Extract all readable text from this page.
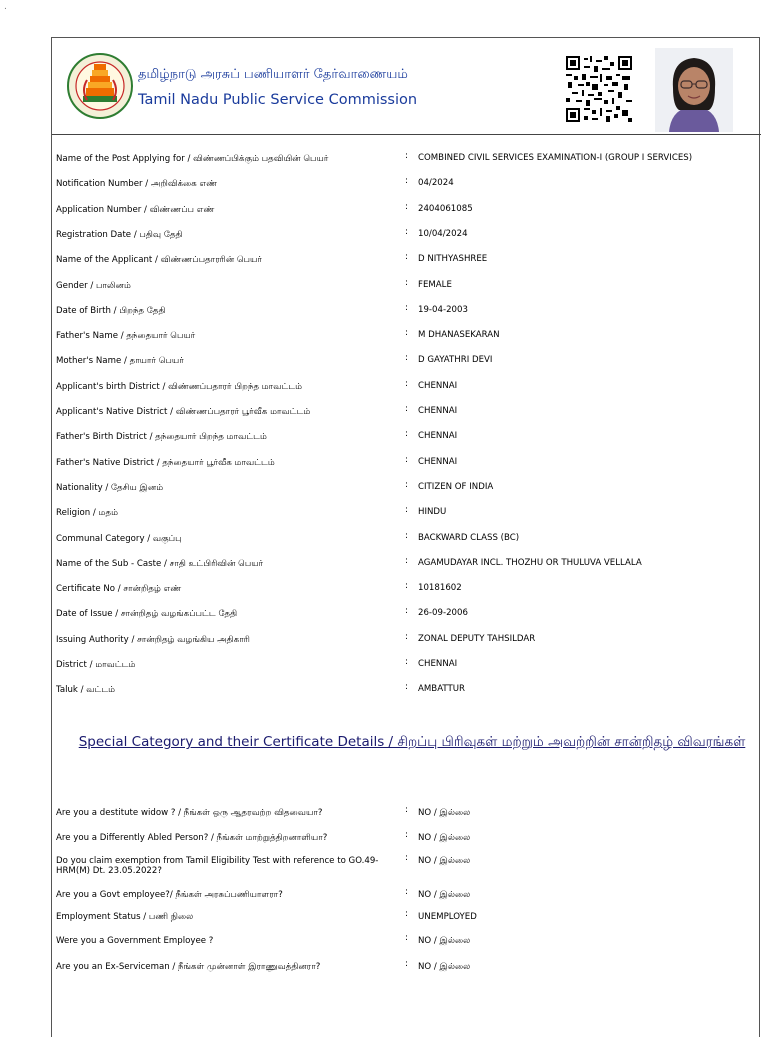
.
தமிழ்நாடு அரசுப் பணியாளர் தேர்வாணையம்
Tamil Nadu Public Service Commission
Name of the Post Applying for / விண்ணப்பிக்கும் பதவியின் பெயர்	: COMBINED CIVIL SERVICES EXAMINATION-I (GROUP I SERVICES)
Notification Number / அறிவிக்கை எண்	: 04/2024
Application Number / விண்ணப்ப எண்	: 2404061085
Registration Date / பதிவு தேதி	: 10/04/2024
Name of the Applicant / விண்ணப்பதாரரின் பெயர்	: D NITHYASHREE
Gender / பாலினம்	: FEMALE
Date of Birth / பிறந்த தேதி	: 19-04-2003
Father's Name / தந்தையார் பெயர்	: M DHANASEKARAN
Mother's Name / தாயார் பெயர்	: D GAYATHRI DEVI
Applicant's birth District / விண்ணப்பதாரர் பிறந்த மாவட்டம்	: CHENNAI
Applicant's Native District / விண்ணப்பதாரர் பூர்வீக மாவட்டம்	: CHENNAI
Father's Birth District / தந்தையார் பிறந்த மாவட்டம்	: CHENNAI
Father's Native District / தந்தையார் பூர்வீக மாவட்டம்	: CHENNAI
Nationality / தேசிய இனம்	: CITIZEN OF INDIA
Religion / மதம்	: HINDU
Communal Category / வகுப்பு	: BACKWARD CLASS (BC)
Name of the Sub - Caste / சாதி உட்பிரிவின் பெயர்	: AGAMUDAYAR INCL. THOZHU OR THULUVA VELLALA
Certificate No / சான்றிதழ் எண்	: 10181602
Date of Issue / சான்றிதழ் வழங்கப்பட்ட தேதி	: 26-09-2006
Issuing Authority / சான்றிதழ் வழங்கிய அதிகாரி	: ZONAL DEPUTY TAHSILDAR
District / மாவட்டம்	: CHENNAI
Taluk / வட்டம்	: AMBATTUR
Special Category and their Certificate Details / சிறப்பு பிரிவுகள் மற்றும் அவற்றின் சான்றிதழ் விவரங்கள்
Are you a destitute widow ? / நீங்கள் ஒரு ஆதரவற்ற விதவையா?	: NO / இல்லை
Are you a Differently Abled Person? / நீங்கள் மாற்றுத்திறனாளியா?	: NO / இல்லை
Do you claim exemption from Tamil Eligibility Test with reference to GO.49-HRM(M) Dt. 23.05.2022?
: NO / இல்லை
Are you a Govt employee?/ நீங்கள் அரசுப்பணியாளரா?	: NO / இல்லை
Employment Status / பணி நிலை	: UNEMPLOYED
Were you a Government Employee ?	: NO / இல்லை
Are you an Ex-Serviceman / நீங்கள் முன்னாள் இராணுவத்தினரா?	: NO / இல்லை
